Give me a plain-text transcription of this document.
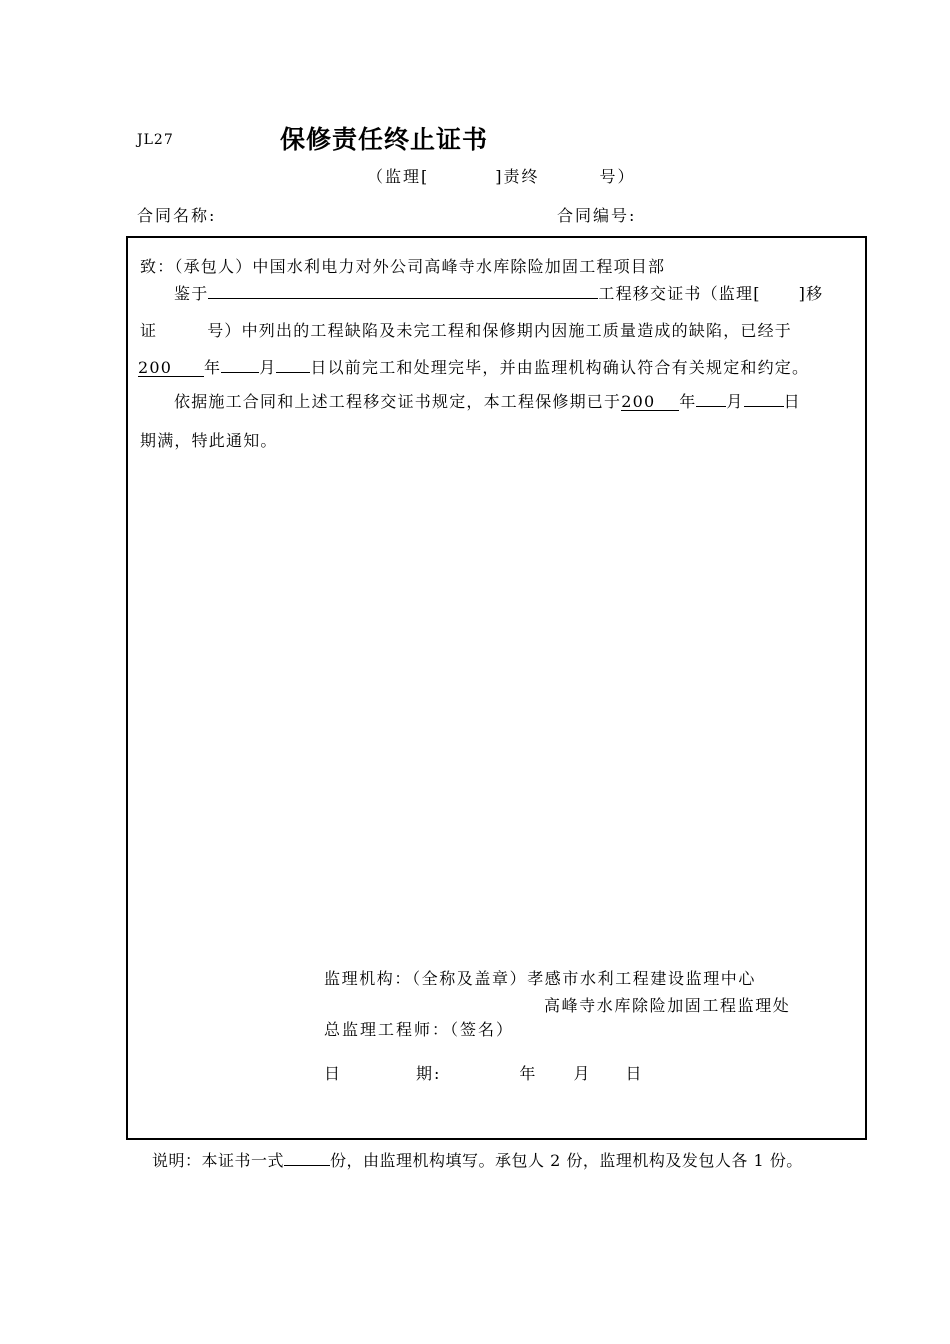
JL27	保修责任终止证书
（监理[	]责终	号）
合同名称:	合同编号:
致：（承包人）中国水利电力对外公司高峰寺水库除险加固工程项目部
鉴于	工程移交证书（监理[ ]移
证	号）中列出的工程缺陷及未完工程和保修期内因施工质量造成的缺陷，已经于
200 年 月 日以前完工和处理完毕，并由监理机构确认符合有关规定和约定。
依据施工合同和上述工程移交证书规定，本工程保修期已于200 年 月	日
期满，特此通知。
监理机构：（全称及盖章）孝感市水利工程建设监理中心
高峰寺水库除险加固工程监理处
总监理工程师：（签名）
日	期:	年 月 日
说明：本证书一式	份，由监理机构填写。承包人 2 份，监理机构及发包人各 1 份。
